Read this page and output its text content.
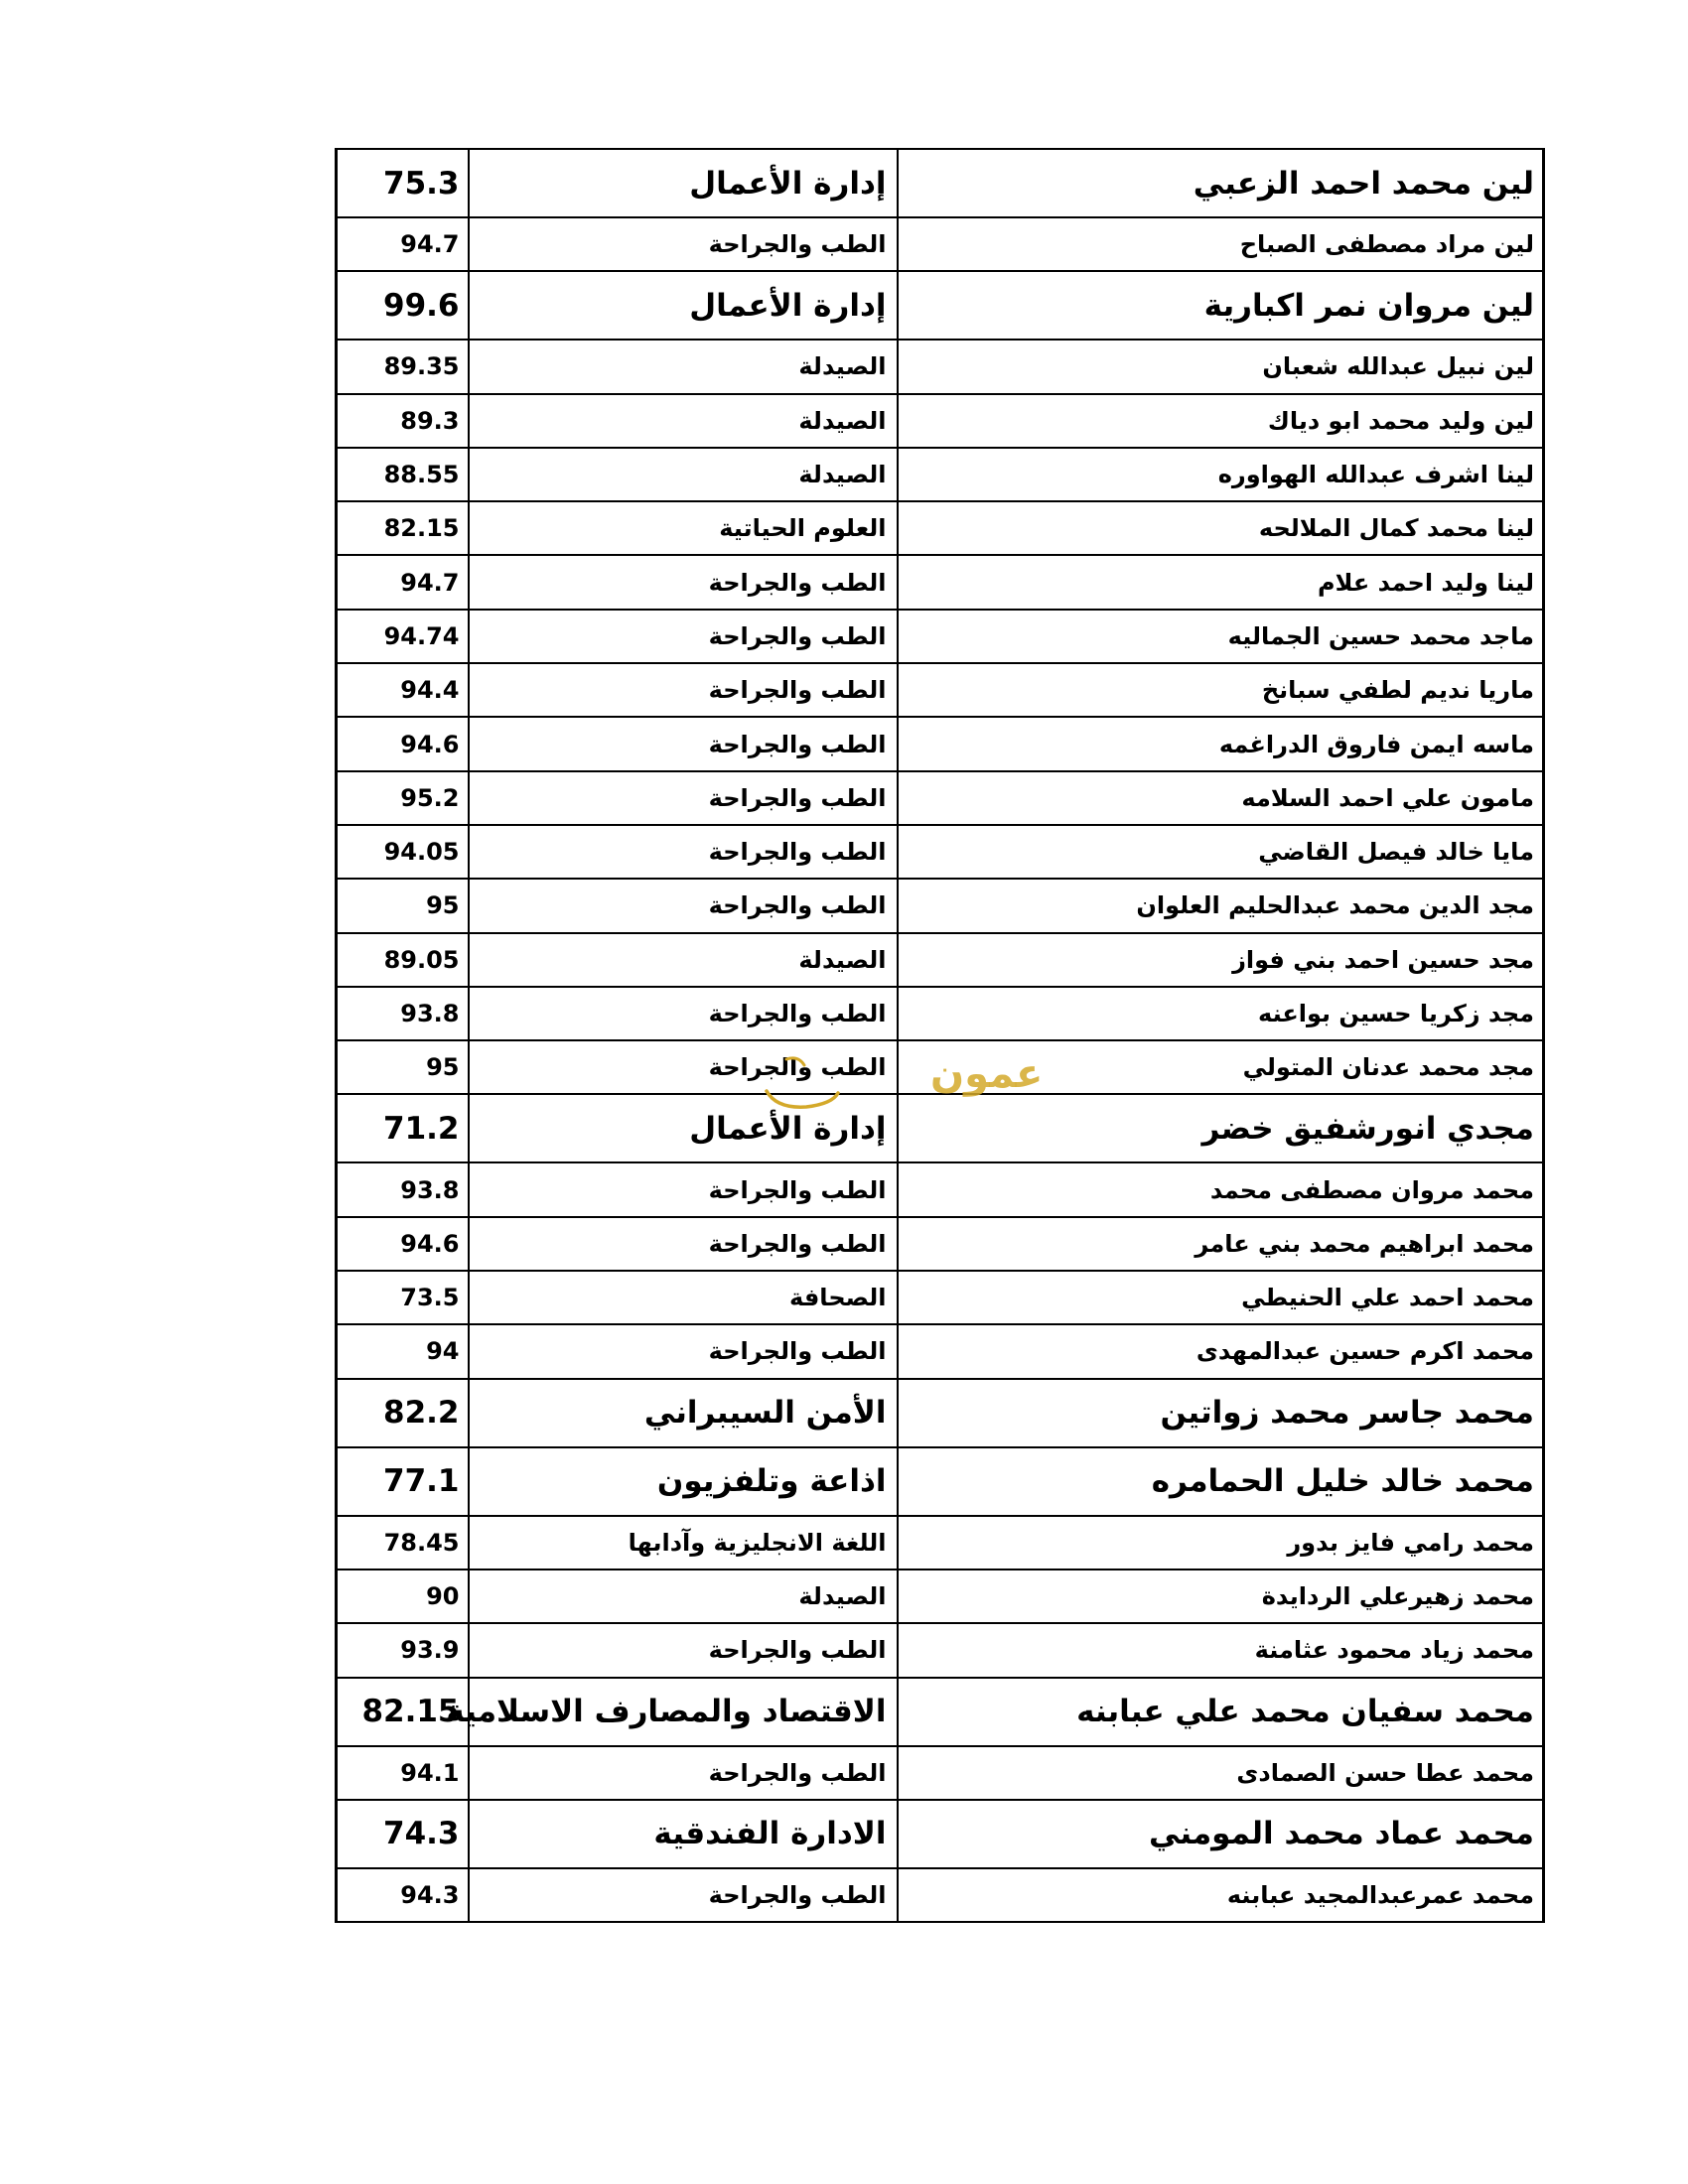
75.3	إدارة الأعمال	لين محمد احمد الزعبي
94.7	الطب والجراحة	لين مراد مصطفى الصباح
99.6	إدارة الأعمال	لين مروان نمر اكبارية
89.35	الصيدلة	لين نبيل عبدالله شعبان
89.3	الصيدلة	لين وليد محمد ابو دياك
88.55	الصيدلة	لينا اشرف عبدالله الهواوره
82.15	العلوم الحياتية	لينا محمد كمال الملالحه
94.7	الطب والجراحة	لينا وليد احمد علام
94.74	الطب والجراحة	ماجد محمد حسين الجماليه
94.4	الطب والجراحة	ماريا نديم لطفي سبانخ
94.6	الطب والجراحة	ماسه ايمن فاروق الدراغمه
95.2	الطب والجراحة	مامون علي احمد السلامه
94.05	الطب والجراحة	مايا خالد فيصل القاضي
95	الطب والجراحة	مجد الدين محمد عبدالحليم العلوان
89.05	الصيدلة	مجد حسين احمد بني فواز
93.8	الطب والجراحة	مجد زكريا حسين بواعنه
95	الطب والجراحة	مجد محمد عدنان المتولي
71.2	إدارة الأعمال	مجدي انورشفيق خضر
93.8	الطب والجراحة	محمد مروان مصطفى محمد
94.6	الطب والجراحة	محمد ابراهيم محمد بني عامر
73.5	الصحافة	محمد احمد علي الحنيطي
94	الطب والجراحة	محمد اكرم حسين عبدالمهدى
82.2	الأمن السيبراني	محمد جاسر محمد زواتين
77.1	اذاعة وتلفزيون	محمد خالد خليل الحمامره
78.45	اللغة الانجليزية وآدابها	محمد رامي فايز بدور
90	الصيدلة	محمد زهيرعلي الردايدة
93.9	الطب والجراحة	محمد زياد محمود عثامنة
82.15	الاقتصاد والمصارف الاسلامية	محمد سفيان محمد علي عبابنه
94.1	الطب والجراحة	محمد عطا حسن الصمادى
74.3	الادارة الفندقية	محمد عماد محمد المومني
94.3	الطب والجراحة	محمد عمرعبدالمجيد عبابنه
عمون
